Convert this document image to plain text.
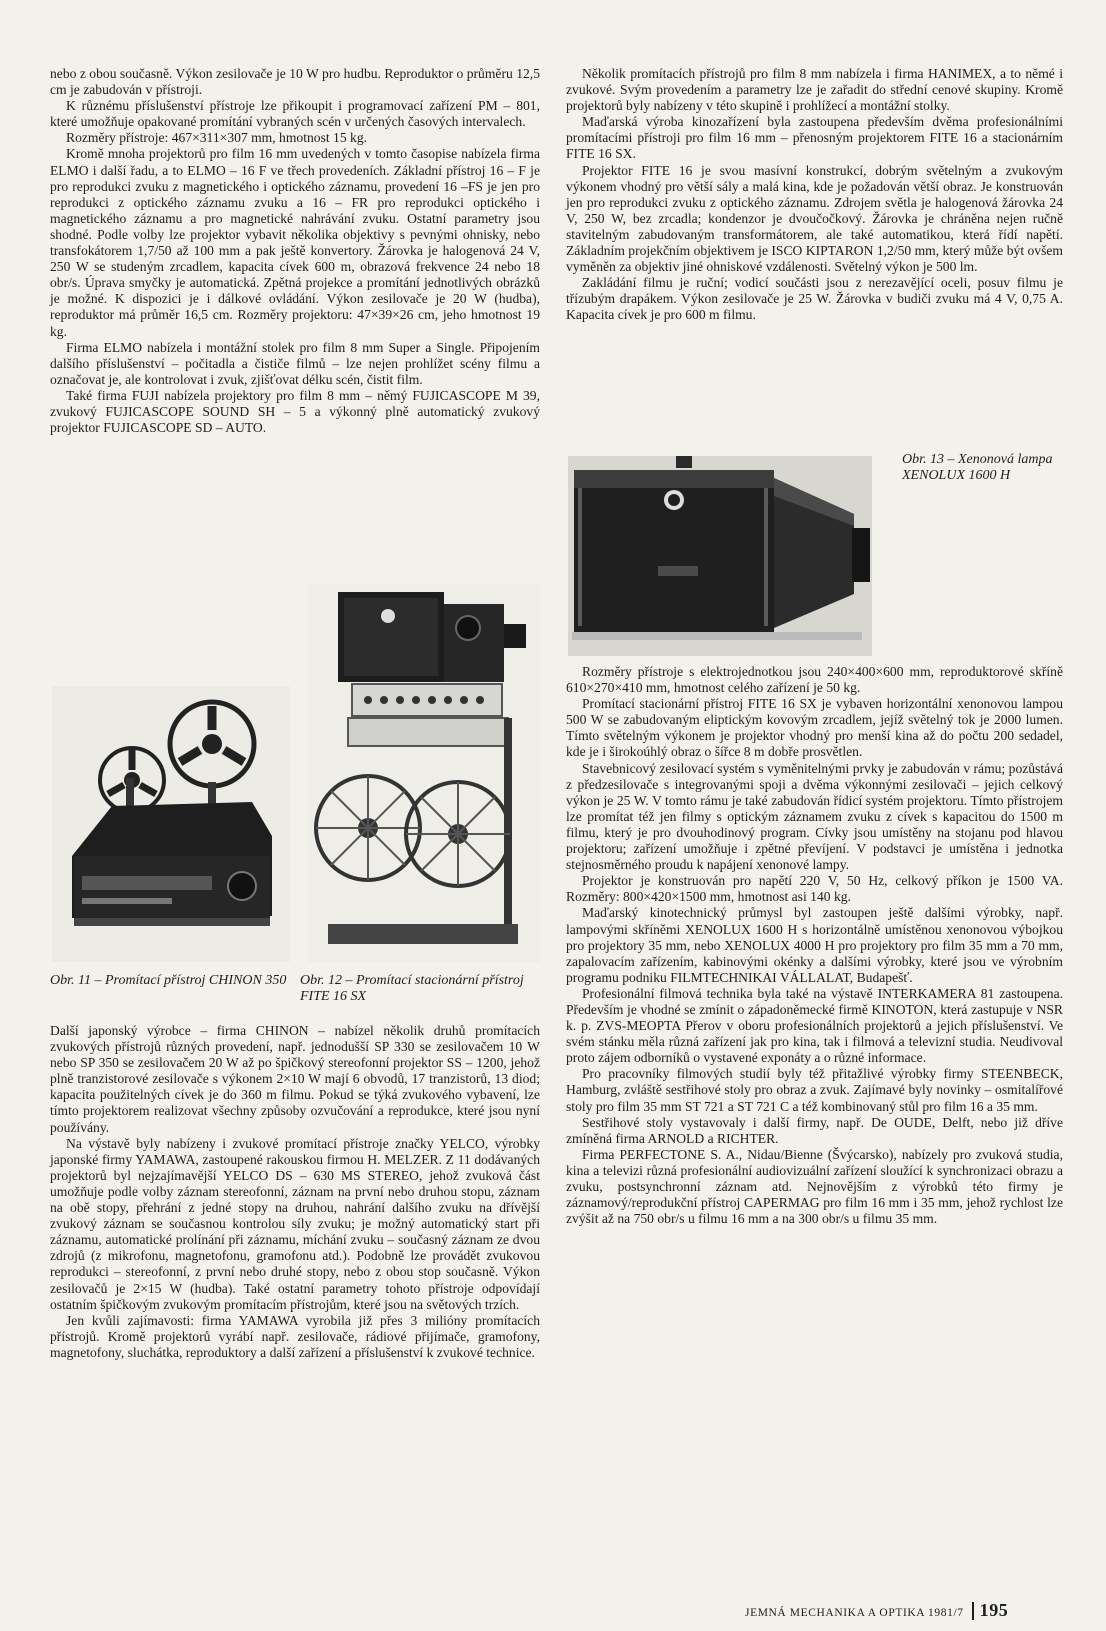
nebo z obou současně. Výkon zesilovače je 10 W pro hudbu. Reproduktor o průměru 12,5 cm je zabudován v přístroji.

K různému příslušenství přístroje lze přikoupit i programovací zařízení PM – 801, které umožňuje opakované promítání vybraných scén v určených časových intervalech.

Rozměry přístroje: 467×311×307 mm, hmotnost 15 kg.

Kromě mnoha projektorů pro film 16 mm uvedených v tomto časopise nabízela firma ELMO i další řadu, a to ELMO – 16 F ve třech provedeních. Základní přístroj 16 – F je pro reprodukci zvuku z magnetického i optického záznamu, provedení 16 –FS je jen pro reprodukci z optického záznamu zvuku a 16 – FR pro reprodukci optického i magnetického záznamu a pro magnetické nahrávání zvuku. Ostatní parametry jsou shodné. Podle volby lze projektor vybavit několika objektivy s pevnými ohnisky, nebo transfokátorem 1,7/50 až 100 mm a pak ještě konvertory. Žárovka je halogenová 24 V, 250 W se studeným zrcadlem, kapacita cívek 600 m, obrazová frekvence 24 nebo 18 obr/s. Úprava smyčky je automatická. Zpětná projekce a promítání jednotlivých obrázků je možné. K dispozici je i dálkové ovládání. Výkon zesilovače je 20 W (hudba), reproduktor má průměr 16,5 cm. Rozměry projektoru: 47×39×26 cm, jeho hmotnost 19 kg.

Firma ELMO nabízela i montážní stolek pro film 8 mm Super a Single. Připojením dalšího příslušenství – počitadla a čističe filmů – lze nejen prohlížet scény filmu a označovat je, ale kontrolovat i zvuk, zjišťovat délku scén, čistit film.

Také firma FUJI nabízela projektory pro film 8 mm – němý FUJICASCOPE M 39, zvukový FUJICASCOPE SOUND SH – 5 a výkonný plně automatický zvukový projektor FUJICASCOPE SD – AUTO.

Několik promítacích přístrojů pro film 8 mm nabízela i firma HANIMEX, a to němé i zvukové. Svým provedením a parametry lze je zařadit do střední cenové skupiny. Kromě projektorů byly nabízeny v této skupině i prohlížecí a montážní stolky.

Maďarská výroba kinozařízení byla zastoupena především dvěma profesionálními promítacími přístroji pro film 16 mm – přenosným projektorem FITE 16 a stacionárním FITE 16 SX.

Projektor FITE 16 je svou masívní konstrukcí, dobrým světelným a zvukovým výkonem vhodný pro větší sály a malá kina, kde je požadován větší obraz. Je konstruován jen pro reprodukci zvuku z optického záznamu. Zdrojem světla je halogenová žárovka 24 V, 250 W, bez zrcadla; kondenzor je dvoučočkový. Žárovka je chráněna nejen ručně stavitelným zabudovaným transformátorem, ale také automatikou, která řídí napětí. Základním projekčním objektivem je ISCO KIPTARON 1,2/50 mm, který může být ovšem vyměněn za objektiv jiné ohniskové vzdálenosti. Světelný výkon je 500 lm.

Zakládání filmu je ruční; vodicí součásti jsou z nerezavějící oceli, posuv filmu je třízubým drapákem. Výkon zesilovače je 25 W. Žárovka v budiči zvuku má 4 V, 0,75 A. Kapacita cívek je pro 600 m filmu.

Obr. 13 – Xenonová lampa XENOLUX 1600 H
Obr. 11 – Promítací přístroj CHINON 350 Obr. 12 – Promítací stacionární přístroj FITE 16 SX

Rozměry přístroje s elektrojednotkou jsou 240×400×600 mm, reproduktorové skříně 610×270×410 mm, hmotnost celého zařízení je 50 kg.

Promítací stacionární přístroj FITE 16 SX je vybaven horizontální xenonovou lampou 500 W se zabudovaným eliptickým kovovým zrcadlem, jejíž světelný tok je 2000 lumen. Tímto světelným výkonem je projektor vhodný pro menší kina až do počtu 200 sedadel, kde je i širokoúhlý obraz o šířce 8 m dobře prosvětlen.

Stavebnicový zesilovací systém s vyměnitelnými prvky je zabudován v rámu; pozůstává z předzesilovače s integrovanými spoji a dvěma výkonnými zesilovači – jejich celkový výkon je 25 W. V tomto rámu je také zabudován řídicí systém projektoru. Tímto přístrojem lze promítat též jen filmy s optickým záznamem zvuku z cívek s kapacitou do 1500 m filmu, který je pro dvouhodinový program. Cívky jsou umístěny na stojanu pod hlavou projektoru; zařízení umožňuje i zpětné převíjení. V podstavci je umístěna i jednotka stejnosměrného proudu k napájení xenonové lampy.

Projektor je konstruován pro napětí 220 V, 50 Hz, celkový příkon je 1500 VA. Rozměry: 800×420×1500 mm, hmotnost asi 140 kg.

Maďarský kinotechnický průmysl byl zastoupen ještě dalšími výrobky, např. lampovými skříněmi XENOLUX 1600 H s horizontálně umístěnou xenonovou výbojkou pro projektory 35 mm, nebo XENOLUX 4000 H pro projektory pro film 35 mm a 70 mm, zapalovacím zařízením, kabinovými okénky a dalšími výrobky, které jsou ve výrobním programu podniku FILMTECHNIKAI VÁLLALAT, Budapešť.

Profesionální filmová technika byla také na výstavě INTERKAMERA 81 zastoupena. Především je vhodné se zmínit o západoněmecké firmě KINOTON, která zastupuje v NSR k. p. ZVS-MEOPTA Přerov v oboru profesionálních projektorů a jejich příslušenství. Ve svém stánku měla různá zařízení jak pro kina, tak i filmová a televizní studia. Neudivoval proto zájem odborníků o vystavené exponáty a o různé informace.

Pro pracovníky filmových studií byly též přitažlivé výrobky firmy STEENBECK, Hamburg, zvláště sestřihové stoly pro obraz a zvuk. Zajímavé byly novinky – osmitalířové stoly pro film 35 mm ST 721 a ST 721 C a též kombinovaný stůl pro film 16 a 35 mm.

Sestřihové stoly vystavovaly i další firmy, např. De OUDE, Delft, nebo již dříve zmíněná firma ARNOLD a RICHTER.

Firma PERFECTONE S. A., Nidau/Bienne (Švýcarsko), nabízely pro zvuková studia, kina a televizi různá profesionální audiovizuální zařízení sloužící k synchronizaci obrazu a zvuku, postsynchronní záznam atd. Nejnovějším z výrobků této firmy je záznamový/reprodukční přístroj CAPERMAG pro film 16 mm i 35 mm, jehož rychlost lze zvýšit až na 750 obr/s u filmu 16 mm a na 300 obr/s u filmu 35 mm.

Další japonský výrobce – firma CHINON – nabízel několik druhů promítacích zvukových přístrojů různých provedení, např. jednodušší SP 330 se zesilovačem 10 W nebo SP 350 se zesilovačem 20 W až po špičkový stereofonní projektor SS – 1200, jehož plně tranzistorové zesilovače s výkonem 2×10 W mají 6 obvodů, 17 tranzistorů, 13 diod; kapacita použitelných cívek je do 360 m filmu. Pokud se týká zvukového vybavení, lze tímto projektorem realizovat všechny způsoby ozvučování a reprodukce, které jsou nyní používány.

Na výstavě byly nabízeny i zvukové promítací přístroje značky YELCO, výrobky japonské firmy YAMAWA, zastoupené rakouskou firmou H. MELZER. Z 11 dodávaných projektorů byl nejzajímavější YELCO DS – 630 MS STEREO, jehož zvuková část umožňuje podle volby záznam stereofonní, záznam na první nebo druhou stopu, záznam na obě stopy, přehrání z jedné stopy na druhou, nahrání dalšího zvuku na dřívější zvukový záznam se současnou kontrolou síly zvuku; je možný automatický start při záznamu, automatické prolínání při záznamu, míchání zvuku – současný záznam ze dvou zdrojů (z mikrofonu, magnetofonu, gramofonu atd.). Podobně lze provádět zvukovou reprodukci – stereofonní, z první nebo druhé stopy, nebo z obou stop současně. Výkon zesilovačů je 2×15 W (hudba). Také ostatní parametry tohoto přístroje odpovídají ostatním špičkovým zvukovým promítacím přístrojům, které jsou na světových trzích.

Jen kvůli zajímavosti: firma YAMAWA vyrobila již přes 3 milióny promítacích přístrojů. Kromě projektorů vyrábí např. zesilovače, rádiové přijímače, gramofony, magnetofony, sluchátka, reproduktory a další zařízení a příslušenství k zvukové technice.

JEMNÁ MECHANIKA A OPTIKA 1981/7 195
